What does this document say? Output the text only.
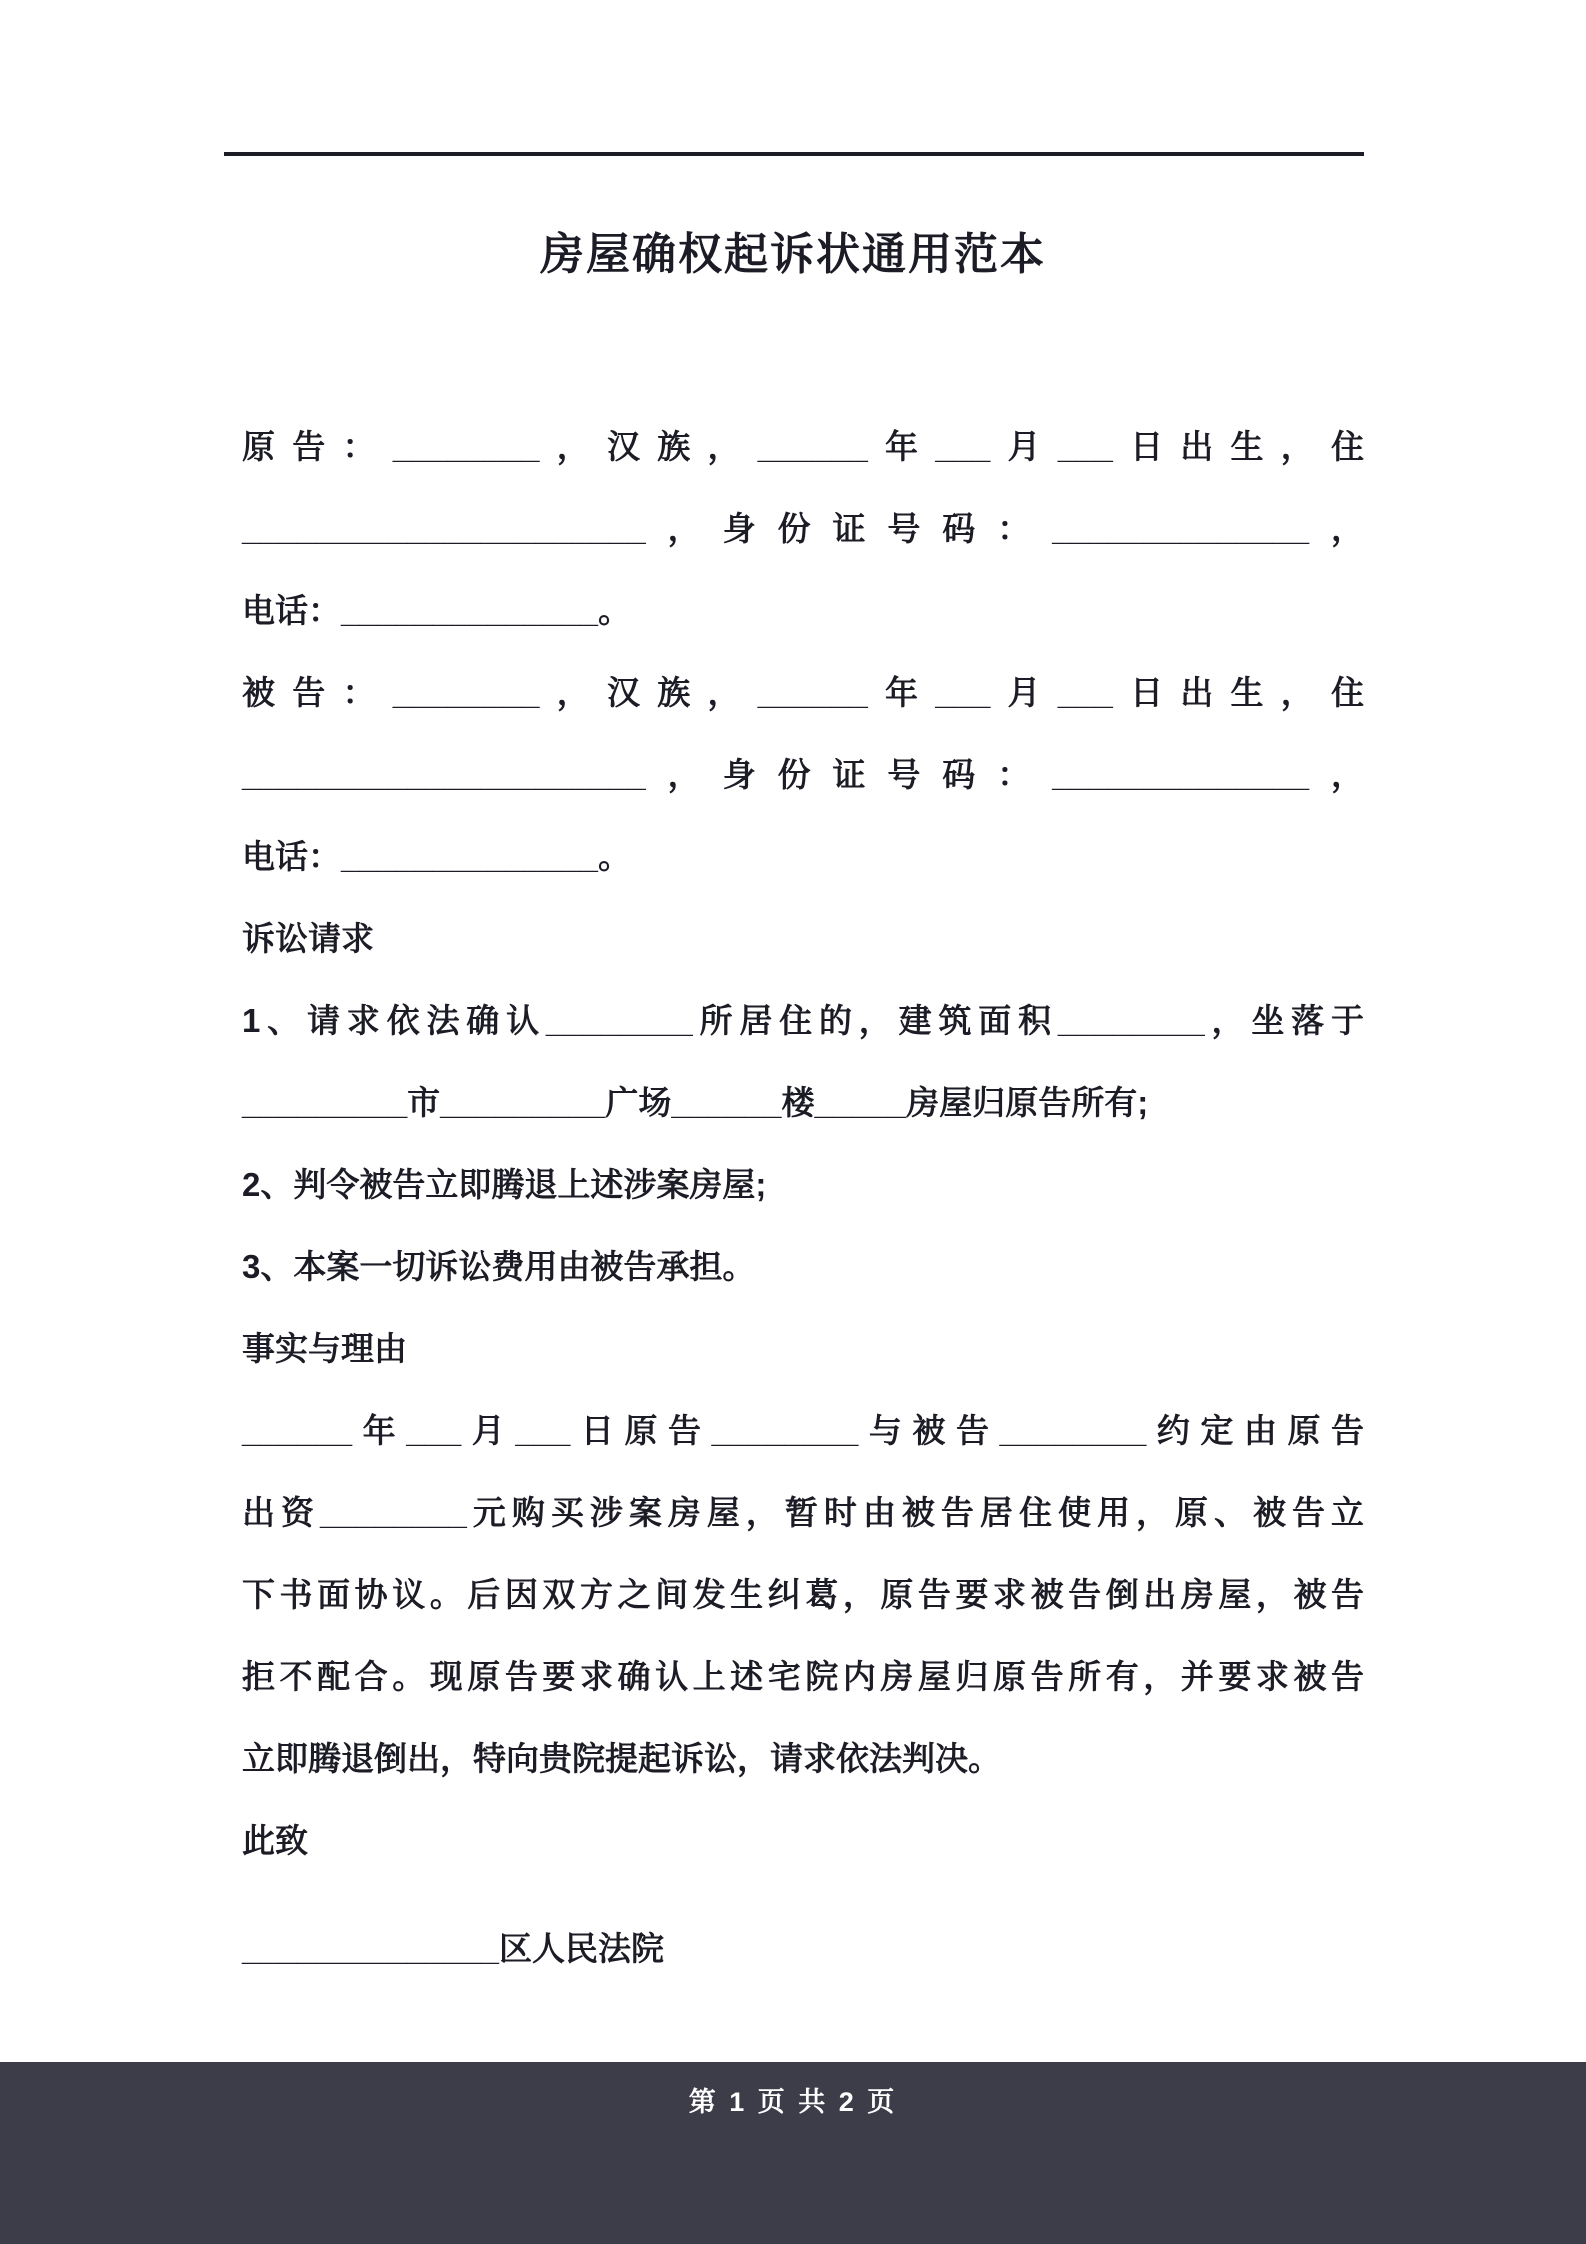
房屋确权起诉状通用范本
原告：________，汉族，______年___月___日出生，住
______________________，身份证号码：______________，
电话：______________。
被告：________，汉族，______年___月___日出生，住
______________________，身份证号码：______________，
电话：______________。
诉讼请求
1、请求依法确认________所居住的，建筑面积________，坐落于
_________市_________广场______楼_____房屋归原告所有;
2、判令被告立即腾退上述涉案房屋;
3、本案一切诉讼费用由被告承担。
事实与理由
______年___月___日原告________与被告________约定由原告
出资________元购买涉案房屋，暂时由被告居住使用，原、被告立
下书面协议。后因双方之间发生纠葛，原告要求被告倒出房屋，被告
拒不配合。现原告要求确认上述宅院内房屋归原告所有，并要求被告
立即腾退倒出，特向贵院提起诉讼，请求依法判决。
此致
______________区人民法院
第 1 页 共 2 页
